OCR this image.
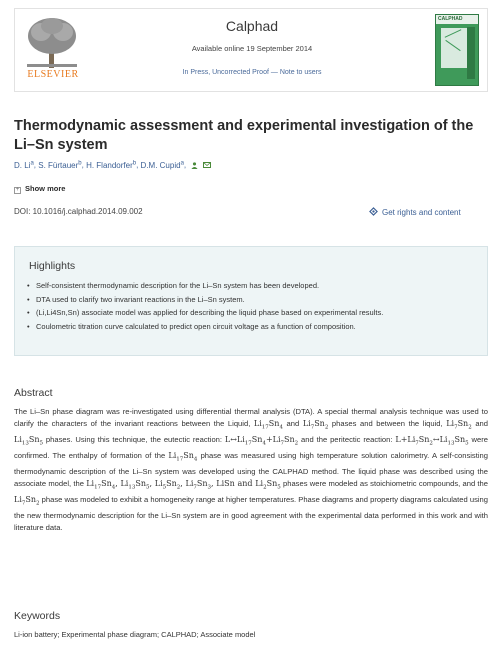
ELSEVIER
Calphad
Available online 19 September 2014
In Press, Uncorrected Proof — Note to users
CALPHAD
Thermodynamic assessment and experimental investigation of the Li–Sn system
D. Li$^a$, S. Fürtauer$^b$, H. Flandorfer$^b$, D.M. Cupid$^a$,
+ Show more
DOI: 10.1016/j.calphad.2014.09.002	Get rights and content
Highlights
• Self-consistent thermodynamic description for the Li–Sn system has been developed.
• DTA used to clarify two invariant reactions in the Li–Sn system.
• (Li,Li4Sn,Sn) associate model was applied for describing the liquid phase based on experimental results.
• Coulometric titration curve calculated to predict open circuit voltage as a function of composition.
Abstract
The Li–Sn phase diagram was re-investigated using differential thermal analysis (DTA). A special thermal analysis technique was used to clarify the characters of the invariant reactions between the Liquid, $Li_{17}Sn_4$ and $Li_7Sn_2$ phases and between the liquid, $Li_7Sn_2$ and $Li_{13}Sn_5$ phases. Using this technique, the eutectic reaction: $L\leftrightarrow Li_{17}Sn_4+Li_7Sn_2$ and the peritectic reaction: $L+Li_7Sn_2\leftrightarrow Li_{13}Sn_5$ were confirmed. The enthalpy of formation of the $Li_{17}Sn_4$ phase was measured using high temperature solution calorimetry. A self-consisting thermodynamic description of the Li–Sn system was developed using the CALPHAD method. The liquid phase was described using the associate model, the $Li_{17}Sn_4$, $Li_{13}Sn_5$, $Li_5Sn_2$, $Li_7Sn_3$, LiSn and $Li_2Sn_5$ phases were modeled as stoichiometric compounds, and the $Li_7Sn_2$ phase was modeled to exhibit a homogeneity range at higher temperatures. Phase diagrams and property diagrams calculated using the new thermodynamic description for the Li–Sn system are in good agreement with the experimental data performed in this work and with literature data.
Keywords
Li-ion battery; Experimental phase diagram; CALPHAD; Associate model
